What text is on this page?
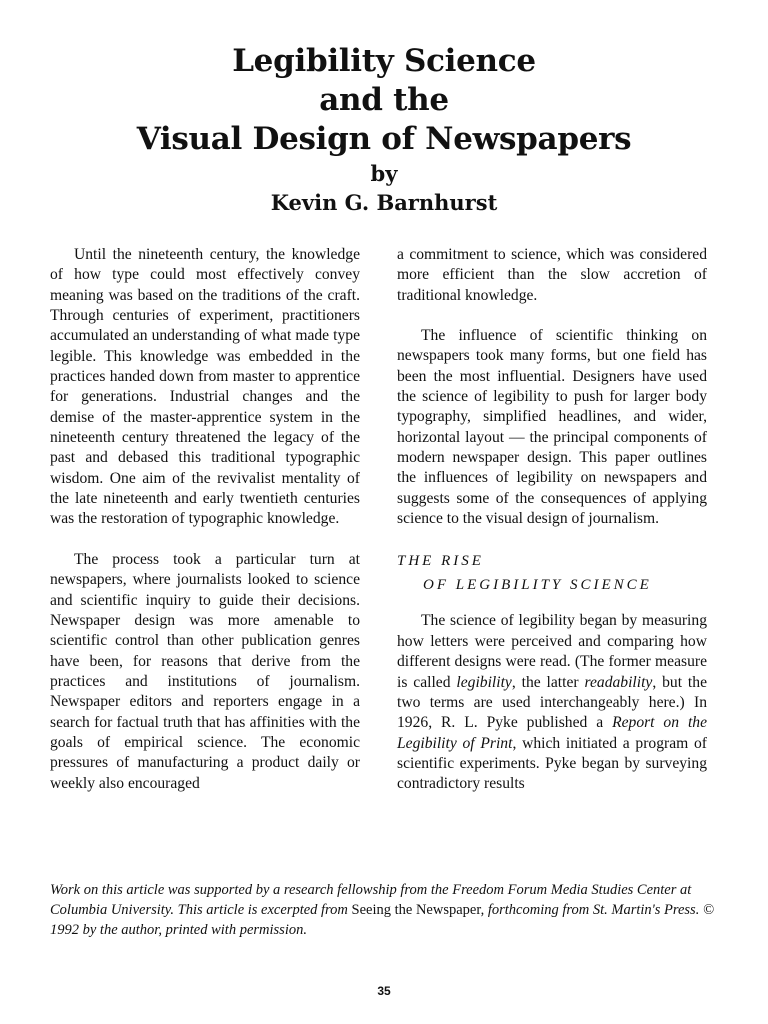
Legibility Science
and the
Visual Design of Newspapers
by
Kevin G. Barnhurst

Until the nineteenth century, the knowledge of how type could most effectively convey meaning was based on the traditions of the craft. Through centuries of experiment, practitioners accumulated an understanding of what made type legible. This knowledge was embedded in the practices handed down from master to apprentice for generations. Industrial changes and the demise of the master-apprentice system in the nineteenth century threatened the legacy of the past and debased this traditional typographic wisdom. One aim of the revivalist mentality of the late nineteenth and early twentieth centuries was the restoration of typographic knowledge.

The process took a particular turn at newspapers, where journalists looked to science and scientific inquiry to guide their decisions. Newspaper design was more amenable to scientific control than other publication genres have been, for reasons that derive from the practices and institutions of journalism. Newspaper editors and reporters engage in a search for factual truth that has affinities with the goals of empirical science. The economic pressures of manufacturing a product daily or weekly also encouraged

a commitment to science, which was considered more efficient than the slow accretion of traditional knowledge.

The influence of scientific thinking on newspapers took many forms, but one field has been the most influential. Designers have used the science of legibility to push for larger body typography, simplified headlines, and wider, horizontal layout — the principal components of modern newspaper design. This paper outlines the influences of legibility on newspapers and suggests some of the consequences of applying science to the visual design of journalism.

THE RISE
OF LEGIBILITY SCIENCE

The science of legibility began by measuring how letters were perceived and comparing how different designs were read. (The former measure is called legibility, the latter readability, but the two terms are used interchangeably here.) In 1926, R. L. Pyke published a Report on the Legibility of Print, which initiated a program of scientific experiments. Pyke began by surveying contradictory results

Work on this article was supported by a research fellowship from the Freedom Forum Media Studies Center at Columbia University. This article is excerpted from Seeing the Newspaper, forthcoming from St. Martin's Press. © 1992 by the author, printed with permission.
35
